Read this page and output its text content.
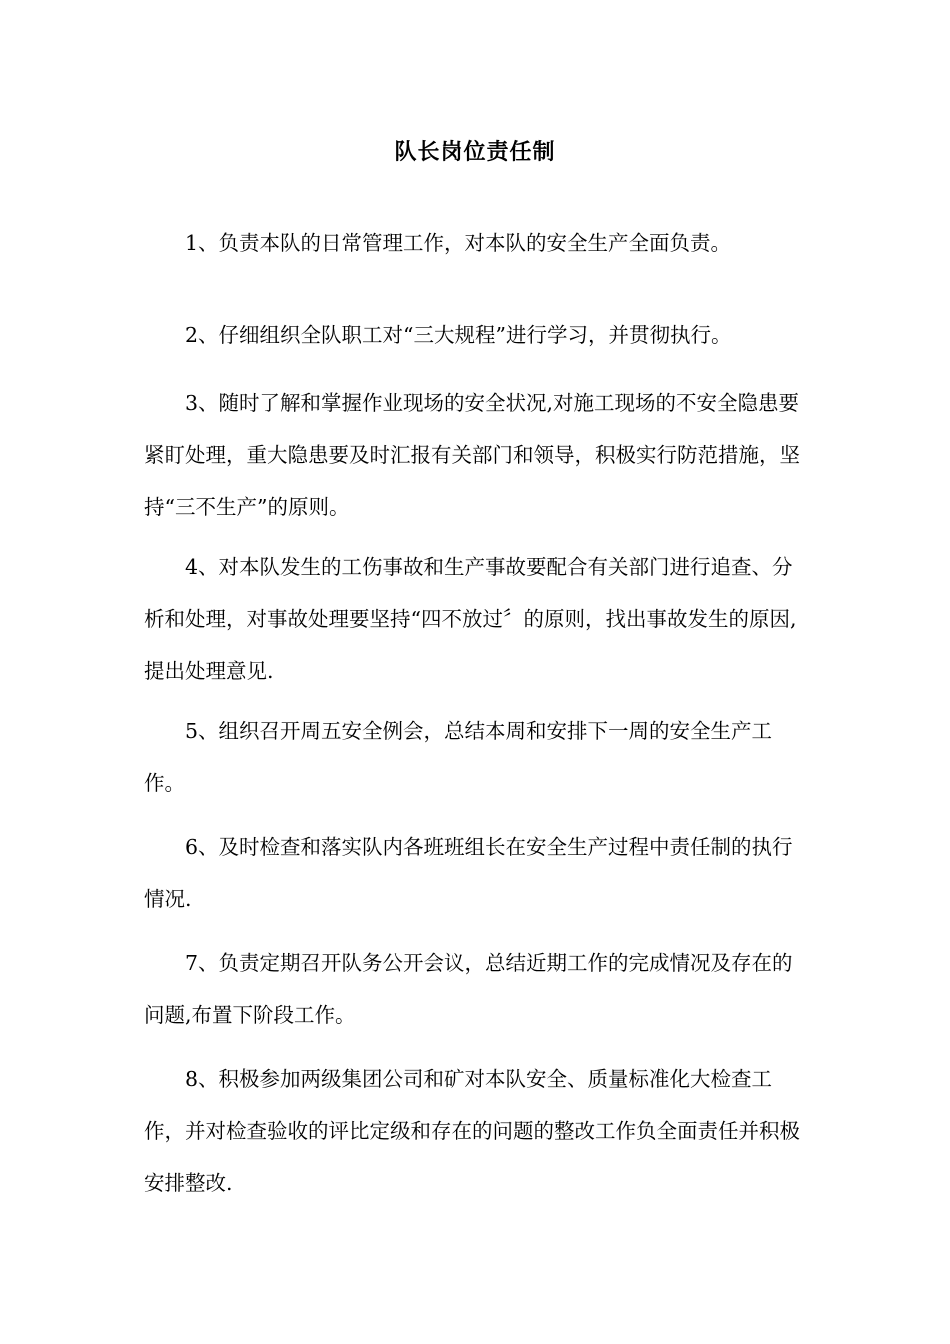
队长岗位责任制

1、负责本队的日常管理工作，对本队的安全生产全面负责。

2、仔细组织全队职工对“三大规程”进行学习，并贯彻执行。

3、随时了解和掌握作业现场的安全状况,对施工现场的不安全隐患要紧盯处理，重大隐患要及时汇报有关部门和领导，积极实行防范措施，坚持“三不生产”的原则。

4、对本队发生的工伤事故和生产事故要配合有关部门进行追查、分析和处理，对事故处理要坚持“四不放过〞的原则，找出事故发生的原因,提出处理意见.

5、组织召开周五安全例会，总结本周和安排下一周的安全生产工作。

6、及时检查和落实队内各班班组长在安全生产过程中责任制的执行情况.

7、负责定期召开队务公开会议，总结近期工作的完成情况及存在的问题,布置下阶段工作。

8、积极参加两级集团公司和矿对本队安全、质量标准化大检查工作，并对检查验收的评比定级和存在的问题的整改工作负全面责任并积极安排整改.
